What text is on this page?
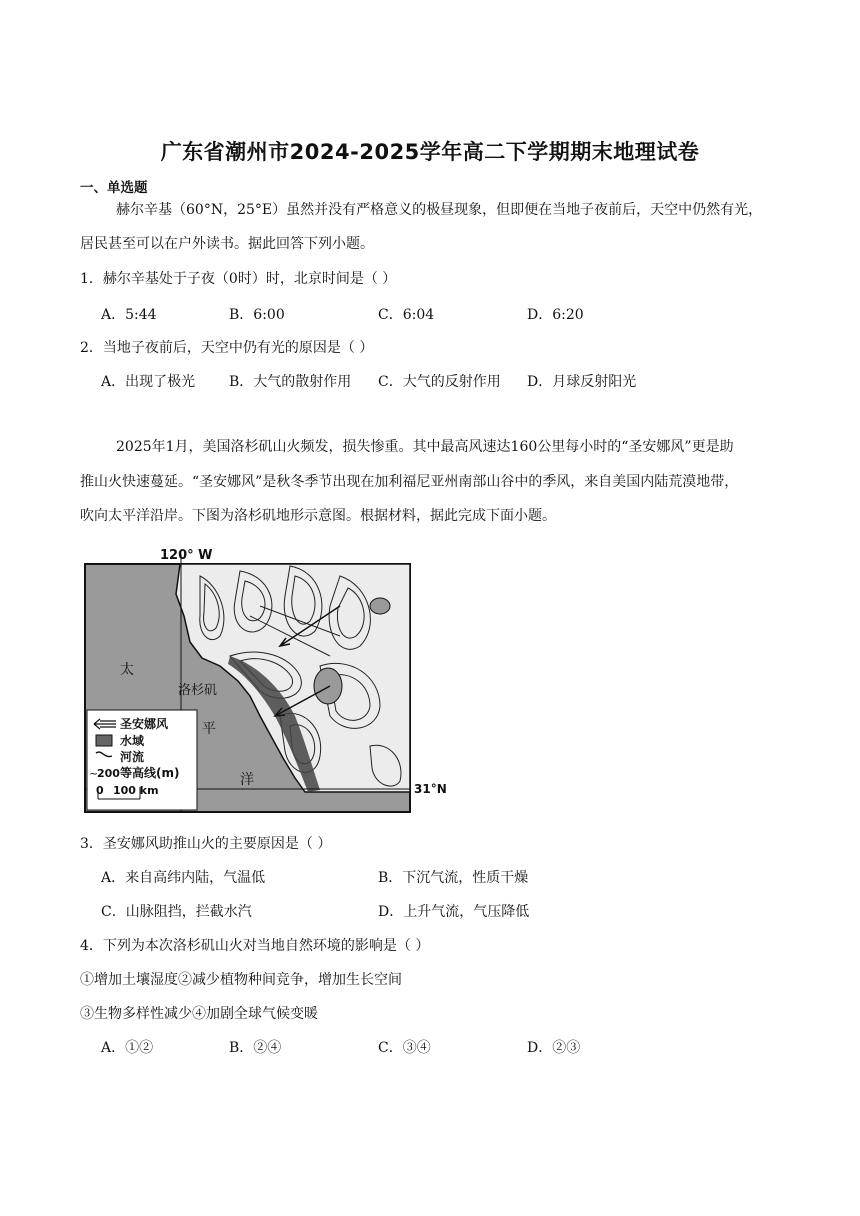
广东省潮州市2024-2025学年高二下学期期末地理试卷
一、单选题
赫尔辛基（60°N，25°E）虽然并没有严格意义的极昼现象，但即便在当地子夜前后，天空中仍然有光，
居民甚至可以在户外读书。据此回答下列小题。
1．赫尔辛基处于子夜（0时）时，北京时间是（ ）
A．5:44	B．6:00	C．6:04	D．6:20
2．当地子夜前后，天空中仍有光的原因是（ ）
A．出现了极光 B．大气的散射作用 C．大气的反射作用 D．月球反射阳光
2025年1月，美国洛杉矶山火频发，损失惨重。其中最高风速达160公里每小时的“圣安娜风”更是助
推山火快速蔓延。“圣安娜风”是秋冬季节出现在加利福尼亚州南部山谷中的季风，来自美国内陆荒漠地带，
吹向太平洋沿岸。下图为洛杉矶地形示意图。根据材料，据此完成下面小题。
120° W
31°N
洛杉矶
太
平
洋
圣安娜风
水域
河流
~
200 等高线(m)
0 100 km
3．圣安娜风助推山火的主要原因是（ ）
A．来自高纬内陆，气温低	B．下沉气流，性质干燥
C．山脉阻挡，拦截水汽	D．上升气流，气压降低
4．下列为本次洛杉矶山火对当地自然环境的影响是（ ）
①增加土壤湿度②减少植物种间竞争，增加生长空间
③生物多样性减少④加剧全球气候变暖
A．①②	B．②④	C．③④	D．②③
